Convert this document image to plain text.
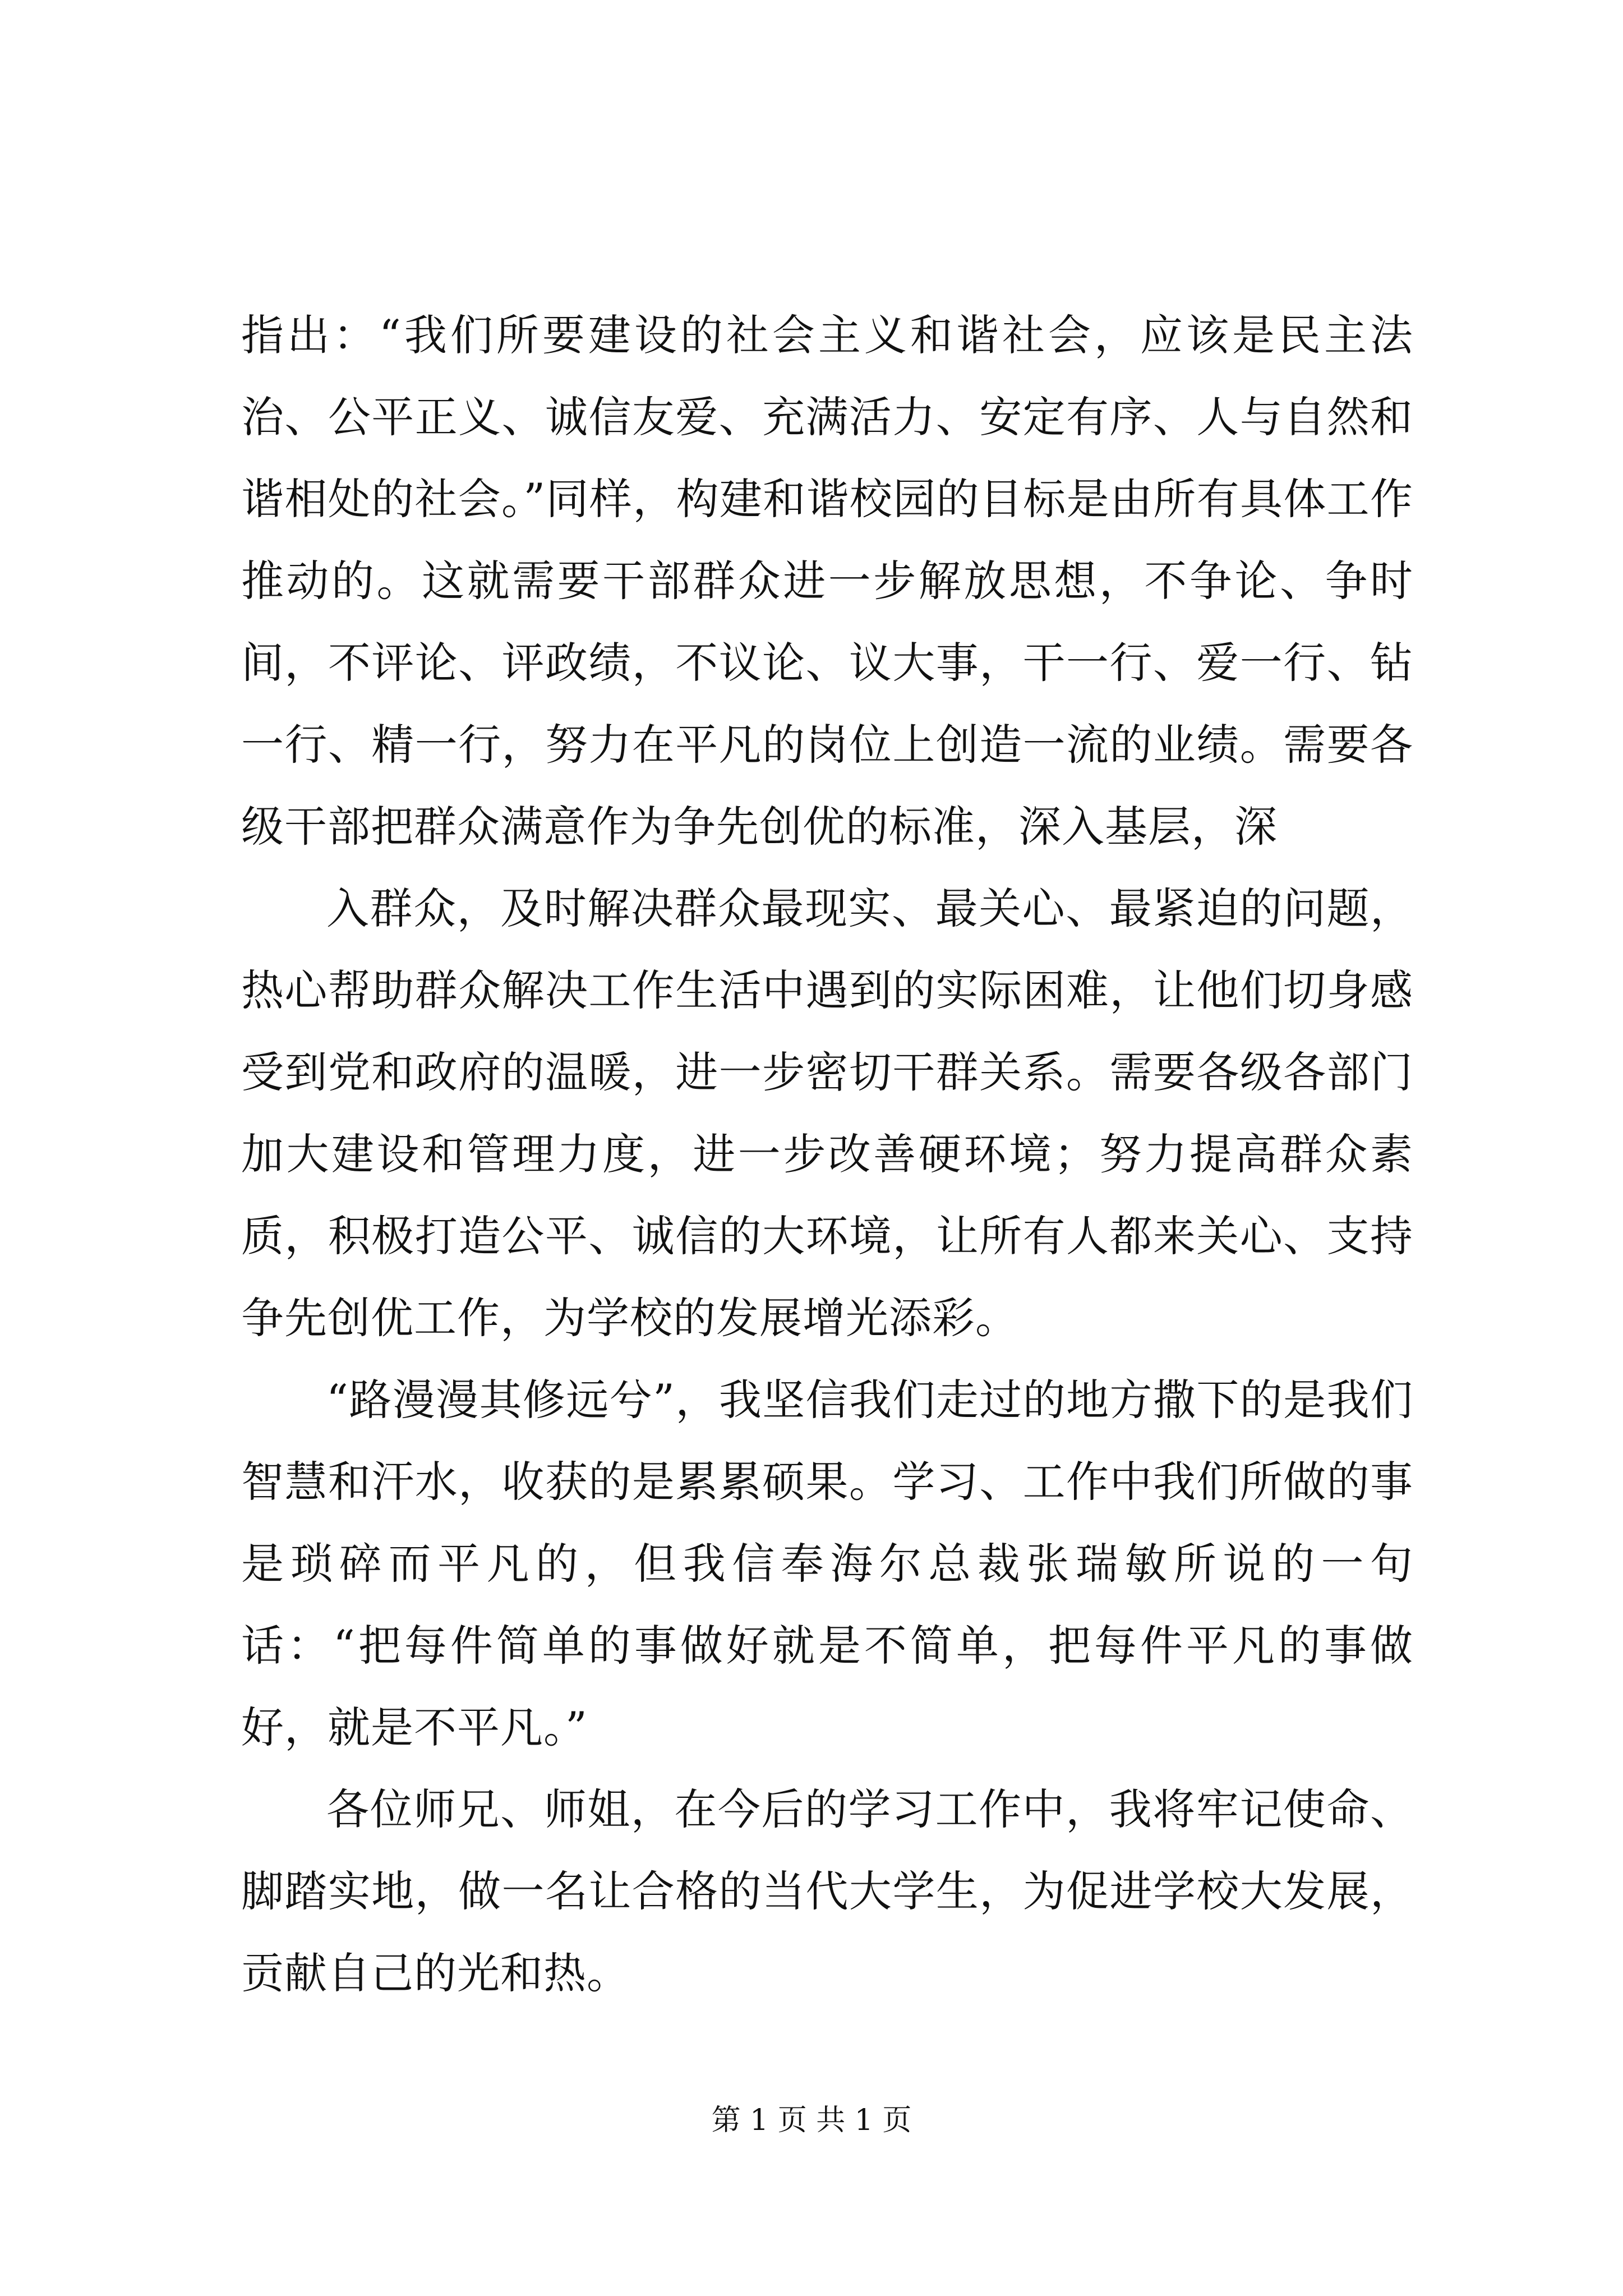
指出：“我们所要建设的社会主义和谐社会，应该是民主法治、公平正义、诚信友爱、充满活力、安定有序、人与自然和谐相处的社会。”同样，构建和谐校园的目标是由所有具体工作推动的。这就需要干部群众进一步解放思想，不争论、争时间，不评论、评政绩，不议论、议大事，干一行、爱一行、钻一行、精一行，努力在平凡的岗位上创造一流的业绩。需要各级干部把群众满意作为争先创优的标准，深入基层，深

入群众，及时解决群众最现实、最关心、最紧迫的问题，热心帮助群众解决工作生活中遇到的实际困难，让他们切身感受到党和政府的温暖，进一步密切干群关系。需要各级各部门加大建设和管理力度，进一步改善硬环境；努力提高群众素质，积极打造公平、诚信的大环境，让所有人都来关心、支持争先创优工作，为学校的发展增光添彩。

“路漫漫其修远兮”，我坚信我们走过的地方撒下的是我们智慧和汗水，收获的是累累硕果。学习、工作中我们所做的事是琐碎而平凡的，但我信奉海尔总裁张瑞敏所说的一句话：“把每件简单的事做好就是不简单，把每件平凡的事做好，就是不平凡。”

各位师兄、师姐，在今后的学习工作中，我将牢记使命、脚踏实地，做一名让合格的当代大学生，为促进学校大发展，贡献自己的光和热。

第 1 页 共 1 页
